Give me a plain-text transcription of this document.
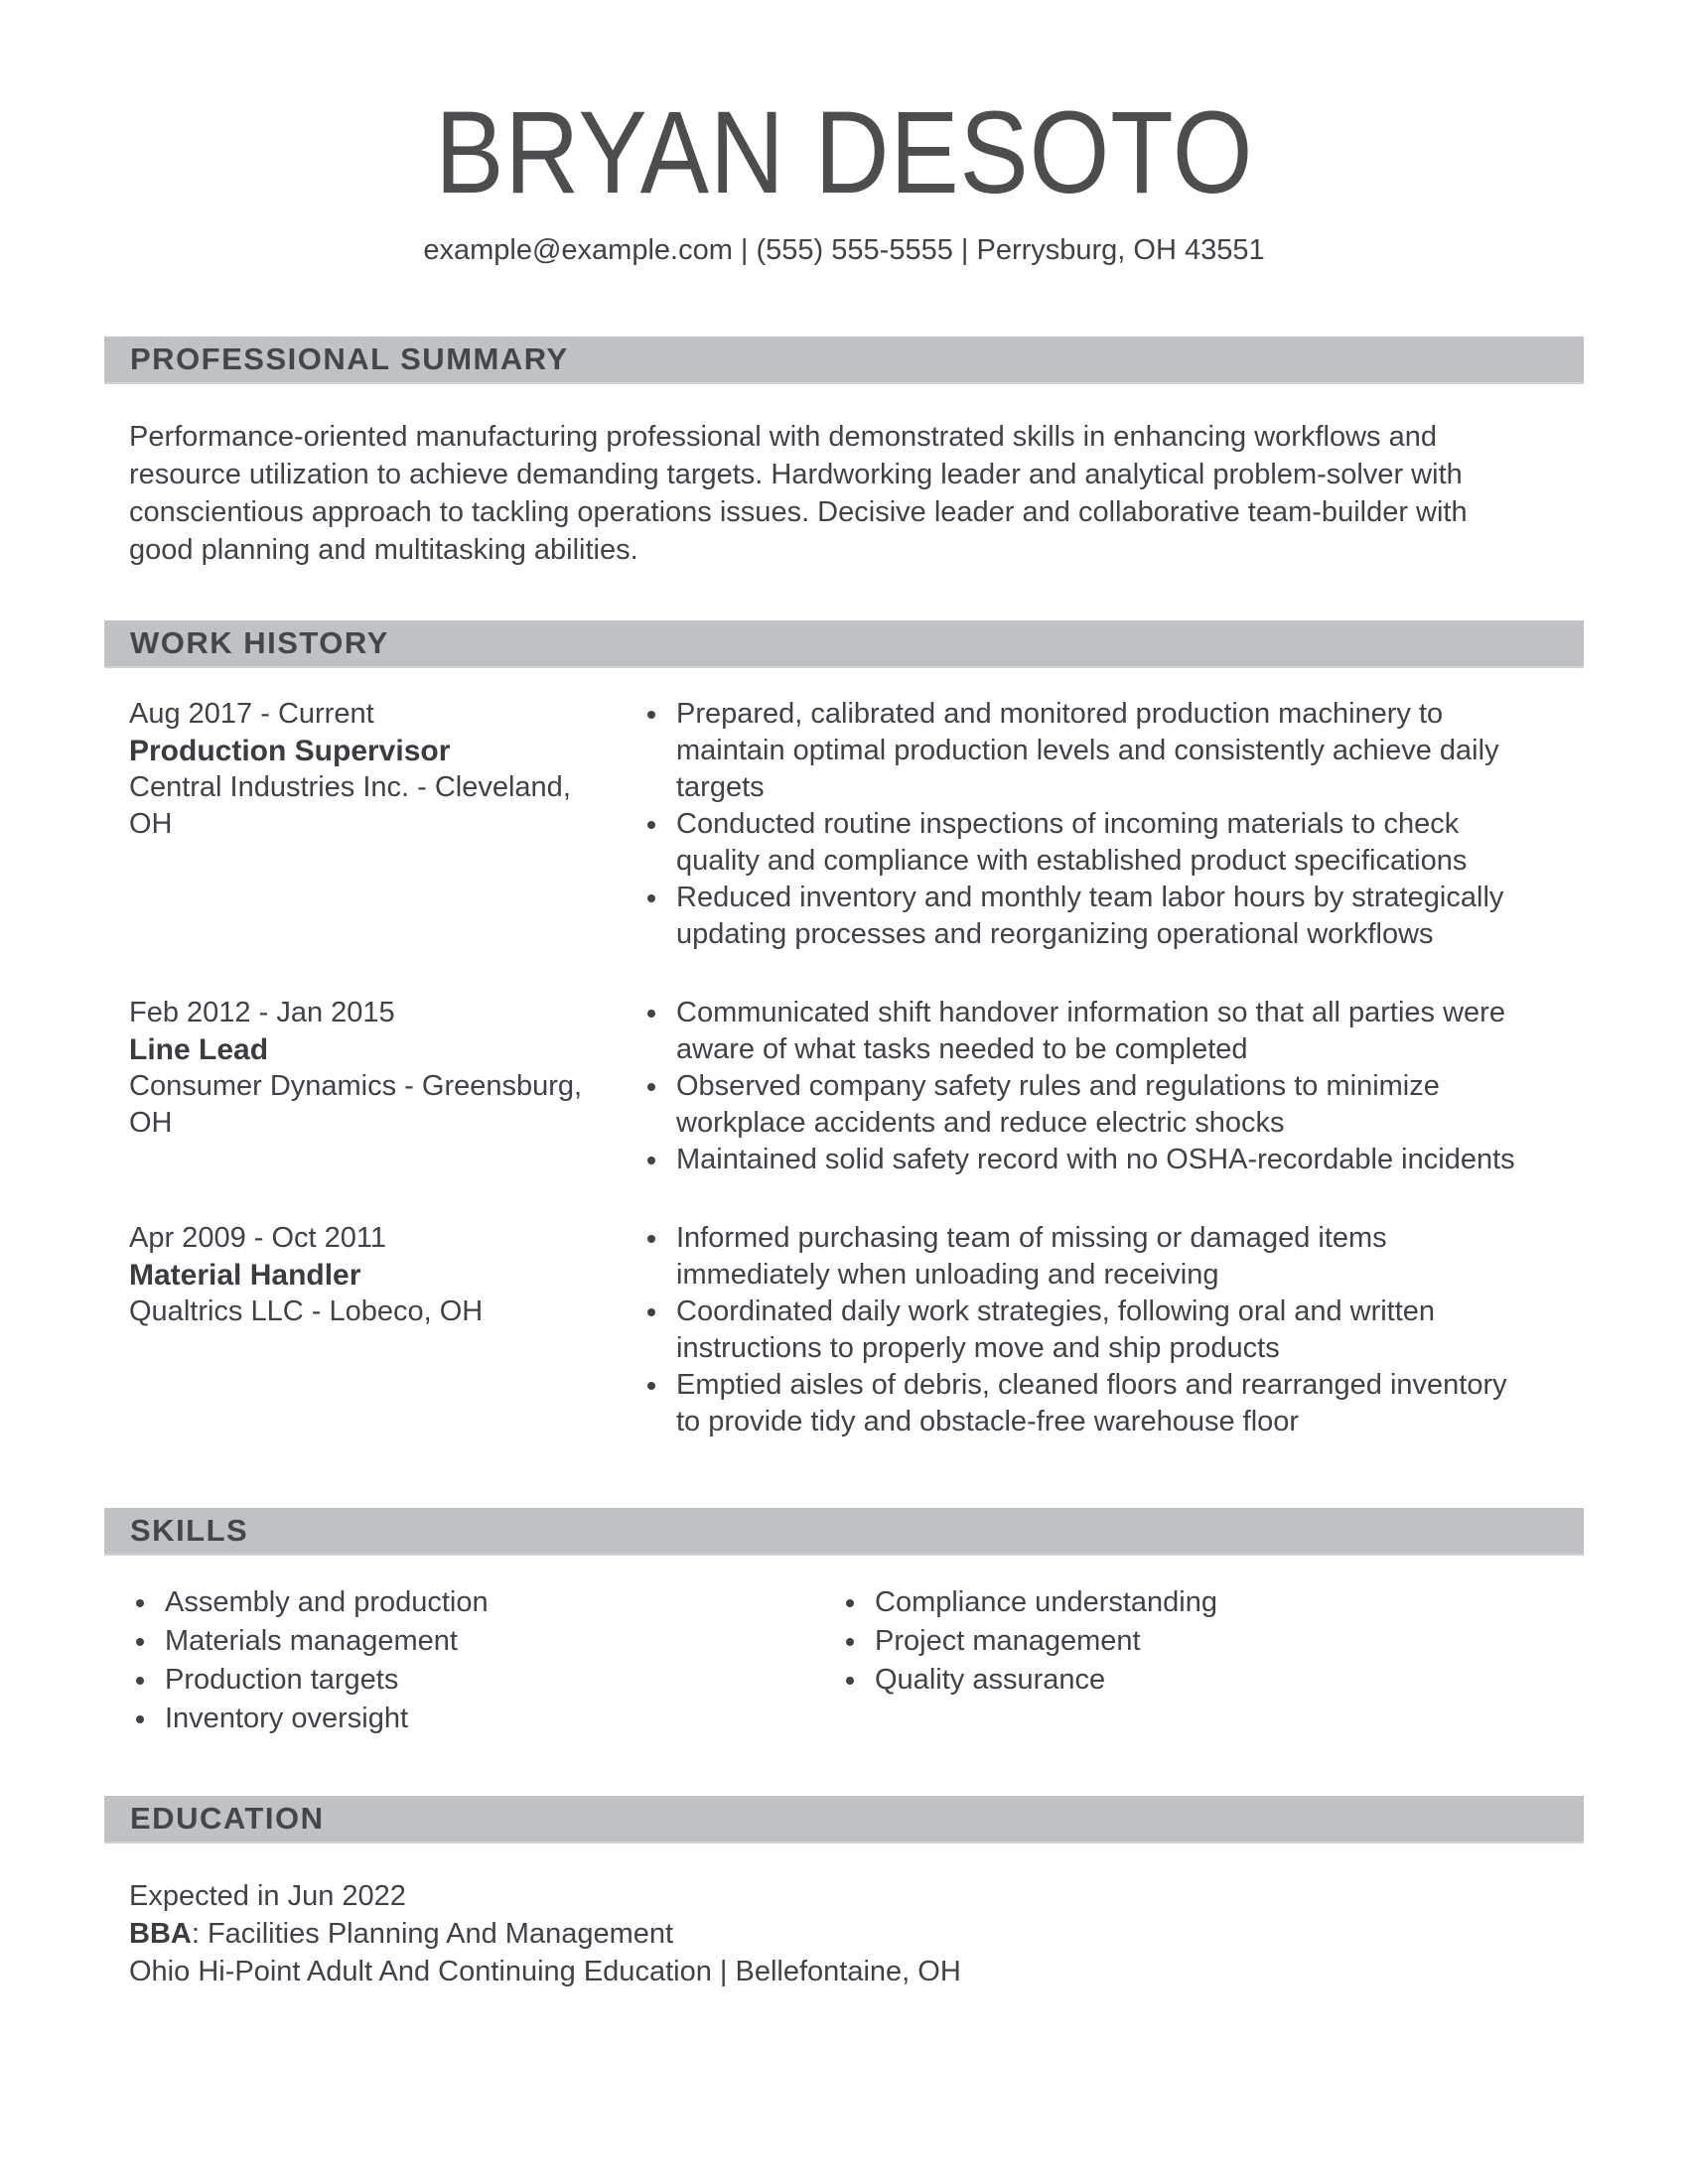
BRYAN DESOTO
example@example.com | (555) 555-5555 | Perrysburg, OH 43551
PROFESSIONAL SUMMARY
Performance-oriented manufacturing professional with demonstrated skills in enhancing workflows and resource utilization to achieve demanding targets. Hardworking leader and analytical problem-solver with conscientious approach to tackling operations issues. Decisive leader and collaborative team-builder with good planning and multitasking abilities.
WORK HISTORY
Aug 2017 - Current
Production Supervisor
Central Industries Inc. - Cleveland, OH
• Prepared, calibrated and monitored production machinery to maintain optimal production levels and consistently achieve daily targets
• Conducted routine inspections of incoming materials to check quality and compliance with established product specifications
• Reduced inventory and monthly team labor hours by strategically updating processes and reorganizing operational workflows
Feb 2012 - Jan 2015
Line Lead
Consumer Dynamics - Greensburg, OH
• Communicated shift handover information so that all parties were aware of what tasks needed to be completed
• Observed company safety rules and regulations to minimize workplace accidents and reduce electric shocks
• Maintained solid safety record with no OSHA-recordable incidents
Apr 2009 - Oct 2011
Material Handler
Qualtrics LLC - Lobeco, OH
• Informed purchasing team of missing or damaged items immediately when unloading and receiving
• Coordinated daily work strategies, following oral and written instructions to properly move and ship products
• Emptied aisles of debris, cleaned floors and rearranged inventory to provide tidy and obstacle-free warehouse floor
SKILLS
• Assembly and production
• Materials management
• Production targets
• Inventory oversight
• Compliance understanding
• Project management
• Quality assurance
EDUCATION
Expected in Jun 2022
BBA: Facilities Planning And Management
Ohio Hi-Point Adult And Continuing Education | Bellefontaine, OH
